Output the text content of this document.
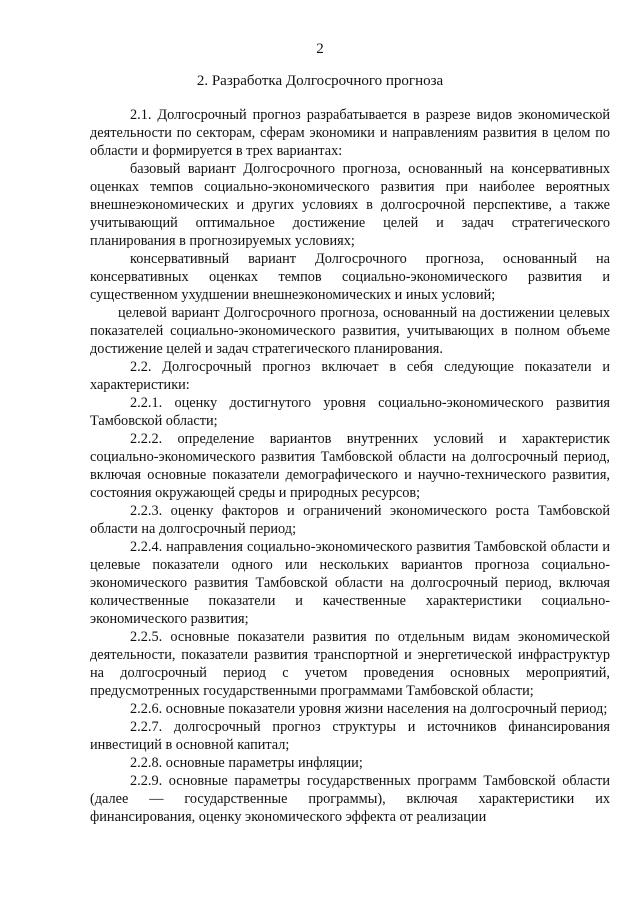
2
2. Разработка Долгосрочного прогноза

2.1. Долгосрочный прогноз разрабатывается в разрезе видов экономической деятельности по секторам, сферам экономики и направлениям развития в целом по области и формируется в трех вариантах:

базовый вариант Долгосрочного прогноза, основанный на консервативных оценках темпов социально-экономического развития при наиболее вероятных внешнеэкономических и других условиях в долгосрочной перспективе, а также учитывающий оптимальное достижение целей и задач стратегического планирования в прогнозируемых условиях;

консервативный вариант Долгосрочного прогноза, основанный на консервативных оценках темпов социально-экономического развития и существенном ухудшении внешнеэкономических и иных условий;

целевой вариант Долгосрочного прогноза, основанный на достижении целевых показателей социально-экономического развития, учитывающих в полном объеме достижение целей и задач стратегического планирования.

2.2. Долгосрочный прогноз включает в себя следующие показатели и характеристики:

2.2.1. оценку достигнутого уровня социально-экономического развития Тамбовской области;

2.2.2. определение вариантов внутренних условий и характеристик социально-экономического развития Тамбовской области на долгосрочный период, включая основные показатели демографического и научно-технического развития, состояния окружающей среды и природных ресурсов;

2.2.3. оценку факторов и ограничений экономического роста Тамбовской области на долгосрочный период;

2.2.4. направления социально-экономического развития Тамбовской области и целевые показатели одного или нескольких вариантов прогноза социально-экономического развития Тамбовской области на долгосрочный период, включая количественные показатели и качественные характеристики социально-экономического развития;

2.2.5. основные показатели развития по отдельным видам экономической деятельности, показатели развития транспортной и энергетической инфраструктур на долгосрочный период с учетом проведения основных мероприятий, предусмотренных государственными программами Тамбовской области;

2.2.6. основные показатели уровня жизни населения на долгосрочный период;

2.2.7. долгосрочный прогноз структуры и источников финансирования инвестиций в основной капитал;

2.2.8. основные параметры инфляции;

2.2.9. основные параметры государственных программ Тамбовской области (далее — государственные программы), включая характеристики их финансирования, оценку экономического эффекта от реализации
